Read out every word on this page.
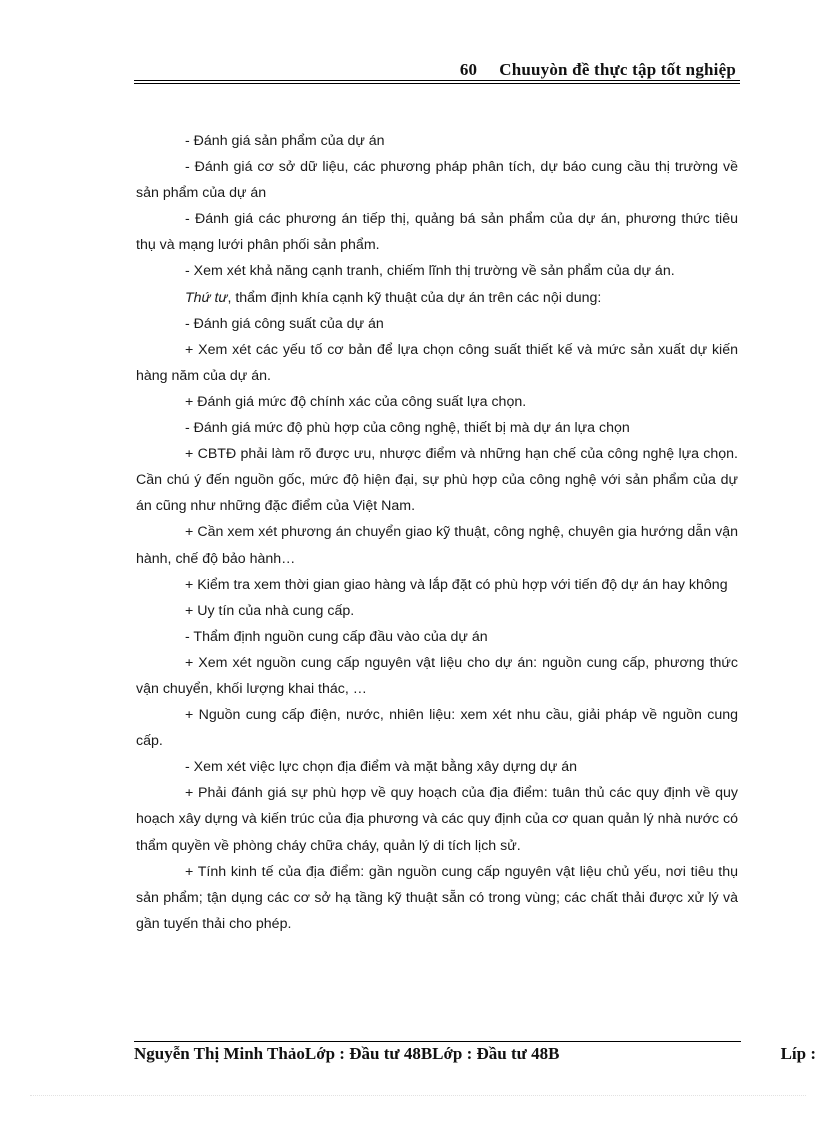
60 Chuuyòn đề thực tập tốt nghiệp

- Đánh giá sản phẩm của dự án

- Đánh giá cơ sở dữ liệu, các phương pháp phân tích, dự báo cung cầu thị trường về sản phẩm của dự án

- Đánh giá các phương án tiếp thị, quảng bá sản phẩm của dự án, phương thức tiêu thụ và mạng lưới phân phối sản phẩm.

- Xem xét khả năng cạnh tranh, chiếm lĩnh thị trường về sản phẩm của dự án.

Thứ tư, thẩm định khía cạnh kỹ thuật của dự án trên các nội dung:

- Đánh giá công suất của dự án

+ Xem xét các yếu tố cơ bản để lựa chọn công suất thiết kế và mức sản xuất dự kiến hàng năm của dự án.

+ Đánh giá mức độ chính xác của công suất lựa chọn.

- Đánh giá mức độ phù hợp của công nghệ, thiết bị mà dự án lựa chọn

+ CBTĐ phải làm rõ được ưu, nhược điểm và những hạn chế của công nghệ lựa chọn. Cần chú ý đến nguồn gốc, mức độ hiện đại, sự phù hợp của công nghệ với sản phẩm của dự án cũng như những đặc điểm của Việt Nam.

+ Cần xem xét phương án chuyển giao kỹ thuật, công nghệ, chuyên gia hướng dẫn vận hành, chế độ bảo hành…

+ Kiểm tra xem thời gian giao hàng và lắp đặt có phù hợp với tiến độ dự án hay không

+ Uy tín của nhà cung cấp.

- Thẩm định nguồn cung cấp đầu vào của dự án

+ Xem xét nguồn cung cấp nguyên vật liệu cho dự án: nguồn cung cấp, phương thức vận chuyển, khối lượng khai thác, …

+ Nguồn cung cấp điện, nước, nhiên liệu: xem xét nhu cầu, giải pháp về nguồn cung cấp.

- Xem xét việc lực chọn địa điểm và mặt bằng xây dựng dự án

+ Phải đánh giá sự phù hợp về quy hoạch của địa điểm: tuân thủ các quy định về quy hoạch xây dựng và kiến trúc của địa phương và các quy định của cơ quan quản lý nhà nước có thẩm quyền về phòng cháy chữa cháy, quản lý di tích lịch sử.

+ Tính kinh tế của địa điểm: gần nguồn cung cấp nguyên vật liệu chủ yếu, nơi tiêu thụ sản phẩm; tận dụng các cơ sở hạ tầng kỹ thuật sẵn có trong vùng; các chất thải được xử lý và gần tuyến thải cho phép.

Nguyễn Thị Minh ThảoLớp : Đầu tư 48BLớp : Đầu tư 48B	Líp :
